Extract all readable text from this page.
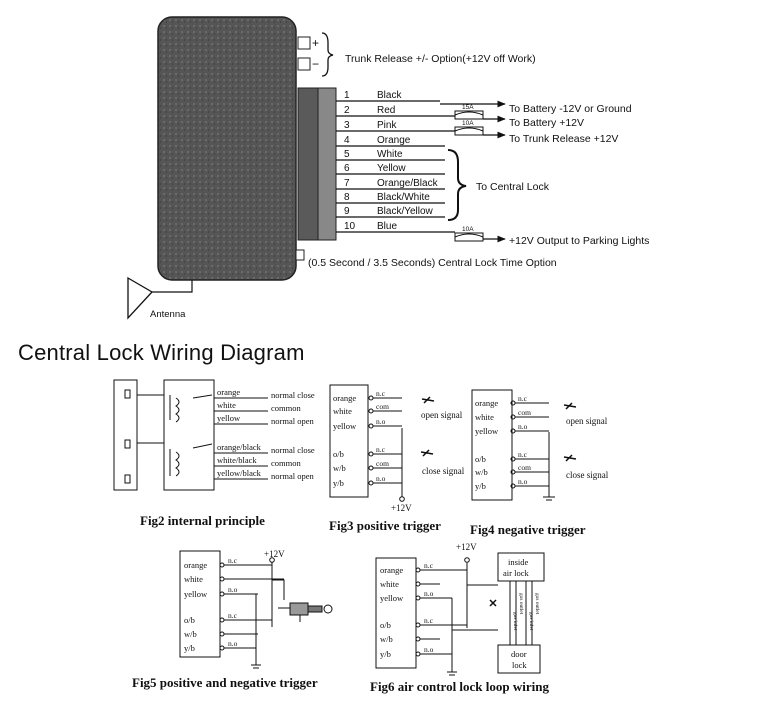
+
− Trunk Release +/- Option(+12V off Work)
(0.5 Second / 3.5 Seconds) Central Lock Time Option
Antenna
1	Black
2	Red
3	Pink
4	Orange
5	White
6	Yellow
7	Orange/Black
8	Black/White
9	Black/Yellow
10 Blue
15A
10A
10A
To Battery -12V or Ground
To Battery +12V
To Trunk Release +12V
+12V Output to Parking Lights
To Central Lock
orange	normal close
white	common
yellow	normal open
orange/black normal close
white/black common
yellow/black normal open
Fig2 internal principle
orange	n.c
white	com
yellow	n.o
o/b	n.c
w/b	com
y/b	n.o
+12V
open signal
close signal
Fig3 positive trigger
orange	n.c
white	com
yellow	n.o
o/b	n.c
w/b	com
y/b	n.o
open signal
close signal
Fig4 negative trigger
orange
white
yellow
o/b
w/b
y/b
n.c
n.o
n.c
n.o
+12V
Fig5 positive and negative trigger
orange
white
yellow
o/b
w/b
y/b
n.c
n.o
n.c
n.o
+12V
inside
air lock
door
lock
gas inlet
gas outlet
gas inlet
gas outlet
Fig6 air control lock loop wiring
Central Lock Wiring Diagram
